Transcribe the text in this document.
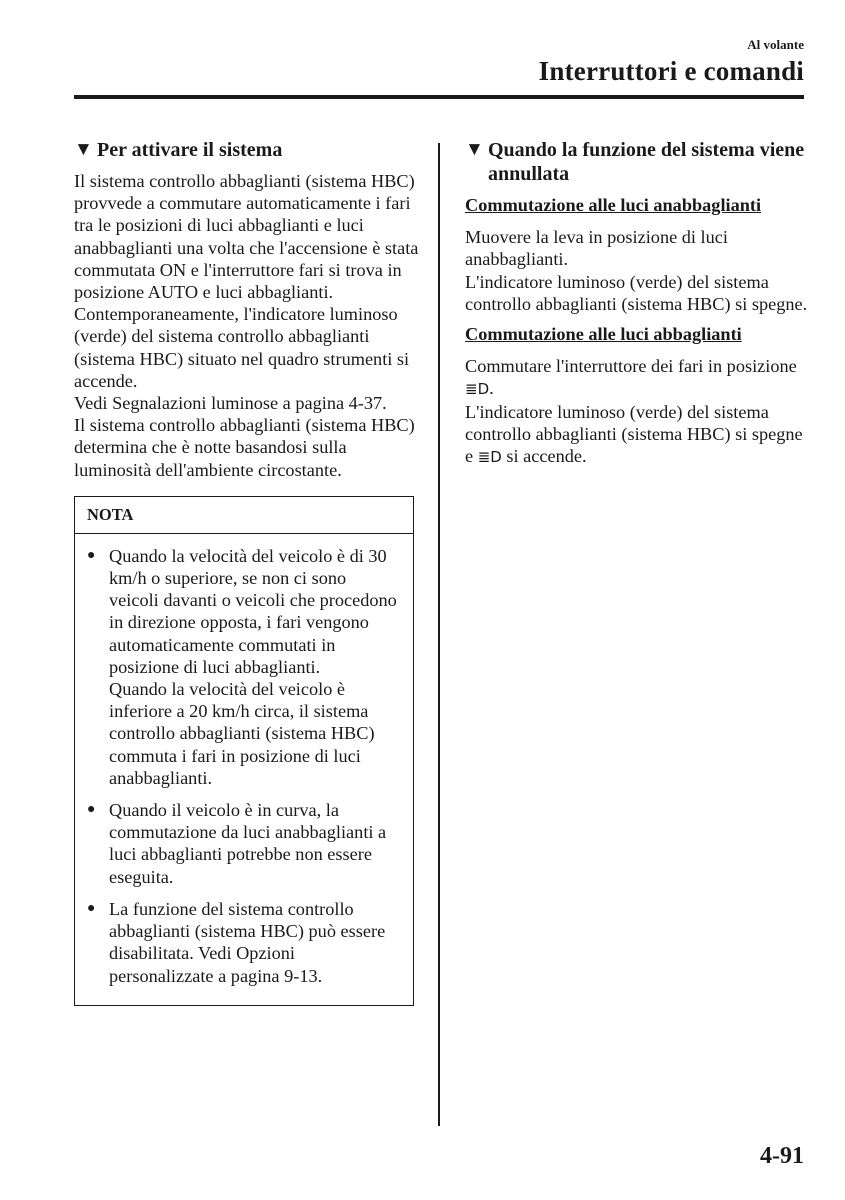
Al volante
Interruttori e comandi
▼ Per attivare il sistema

Il sistema controllo abbaglianti (sistema HBC) provvede a commutare automaticamente i fari tra le posizioni di luci abbaglianti e luci anabbaglianti una volta che l'accensione è stata commutata ON e l'interruttore fari si trova in posizione AUTO e luci abbaglianti.

Contemporaneamente, l'indicatore luminoso (verde) del sistema controllo abbaglianti (sistema HBC) situato nel quadro strumenti si accende.

Vedi Segnalazioni luminose a pagina 4-37.

Il sistema controllo abbaglianti (sistema HBC) determina che è notte basandosi sulla luminosità dell'ambiente circostante.

NOTA
● Quando la velocità del veicolo è di 30 km/h o superiore, se non ci sono veicoli davanti o veicoli che procedono in direzione opposta, i fari vengono automaticamente commutati in posizione di luci abbaglianti.

Quando la velocità del veicolo è inferiore a 20 km/h circa, il sistema controllo abbaglianti (sistema HBC) commuta i fari in posizione di luci anabbaglianti.

● Quando il veicolo è in curva, la commutazione da luci anabbaglianti a luci abbaglianti potrebbe non essere eseguita.

● La funzione del sistema controllo abbaglianti (sistema HBC) può essere disabilitata. Vedi Opzioni personalizzate a pagina 9-13.

▼ Quando la funzione del sistema viene annullata
Commutazione alle luci anabbaglianti

Muovere la leva in posizione di luci anabbaglianti.

L'indicatore luminoso (verde) del sistema controllo abbaglianti (sistema HBC) si spegne.

Commutazione alle luci abbaglianti

Commutare l'interruttore dei fari in posizione ≣D.

L'indicatore luminoso (verde) del sistema controllo abbaglianti (sistema HBC) si spegne e ≣D si accende.

4-91
